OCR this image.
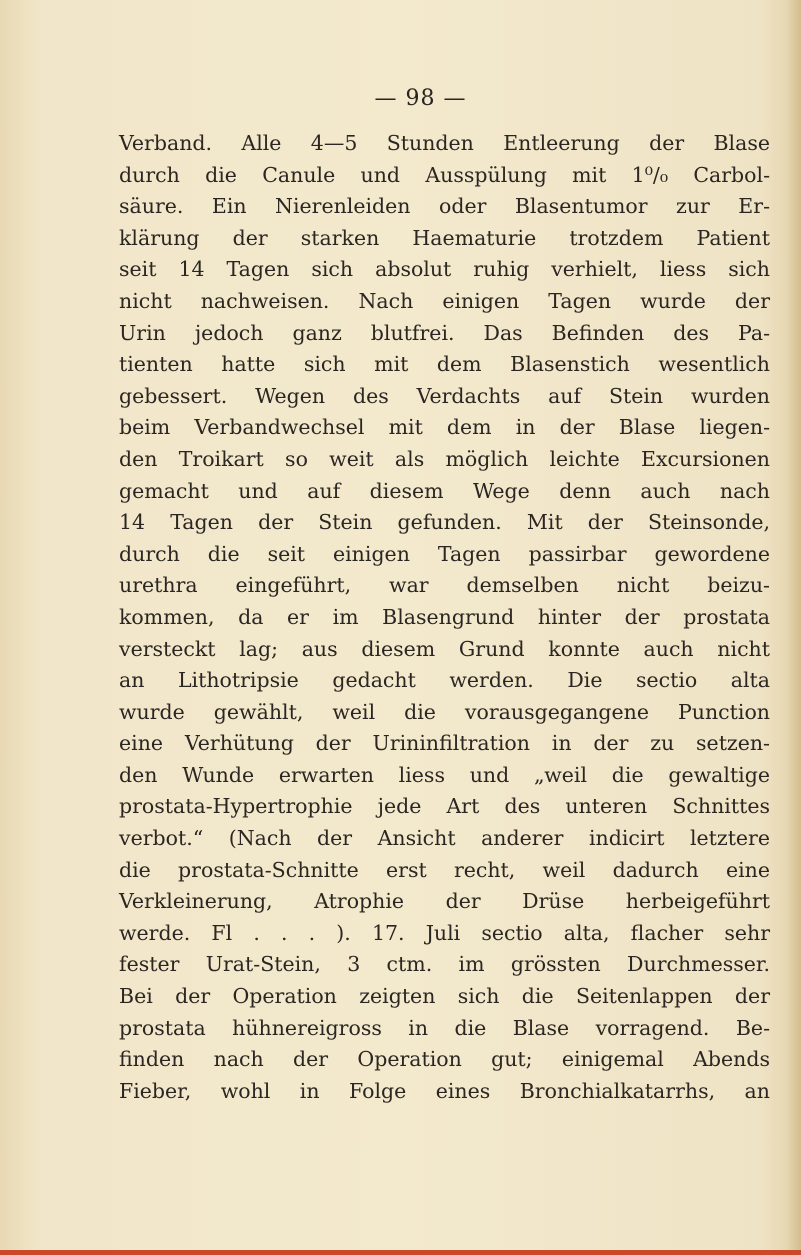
— 98 —
Verband. Alle 4—5 Stunden Entleerung der Blase
durch die Canule und Ausspülung mit 1⁰/₀ Carbol-
säure. Ein Nierenleiden oder Blasentumor zur Er-
klärung der starken Haematurie trotzdem Patient
seit 14 Tagen sich absolut ruhig verhielt, liess sich
nicht nachweisen. Nach einigen Tagen wurde der
Urin jedoch ganz blutfrei. Das Befinden des Pa-
tienten hatte sich mit dem Blasenstich wesentlich
gebessert. Wegen des Verdachts auf Stein wurden
beim Verbandwechsel mit dem in der Blase liegen-
den Troikart so weit als möglich leichte Excursionen
gemacht und auf diesem Wege denn auch nach
14 Tagen der Stein gefunden. Mit der Steinsonde,
durch die seit einigen Tagen passirbar gewordene
urethra eingeführt, war demselben nicht beizu-
kommen, da er im Blasengrund hinter der prostata
versteckt lag; aus diesem Grund konnte auch nicht
an Lithotripsie gedacht werden. Die sectio alta
wurde gewählt, weil die vorausgegangene Punction
eine Verhütung der Urininfiltration in der zu setzen-
den Wunde erwarten liess und „weil die gewaltige
prostata-Hypertrophie jede Art des unteren Schnittes
verbot.“ (Nach der Ansicht anderer indicirt letztere
die prostata-Schnitte erst recht, weil dadurch eine
Verkleinerung, Atrophie der Drüse herbeigeführt
werde. Fl . . . ). 17. Juli sectio alta, flacher sehr
fester Urat-Stein, 3 ctm. im grössten Durchmesser.
Bei der Operation zeigten sich die Seitenlappen der
prostata hühnereigross in die Blase vorragend. Be-
finden nach der Operation gut; einigemal Abends
Fieber, wohl in Folge eines Bronchialkatarrhs, an
